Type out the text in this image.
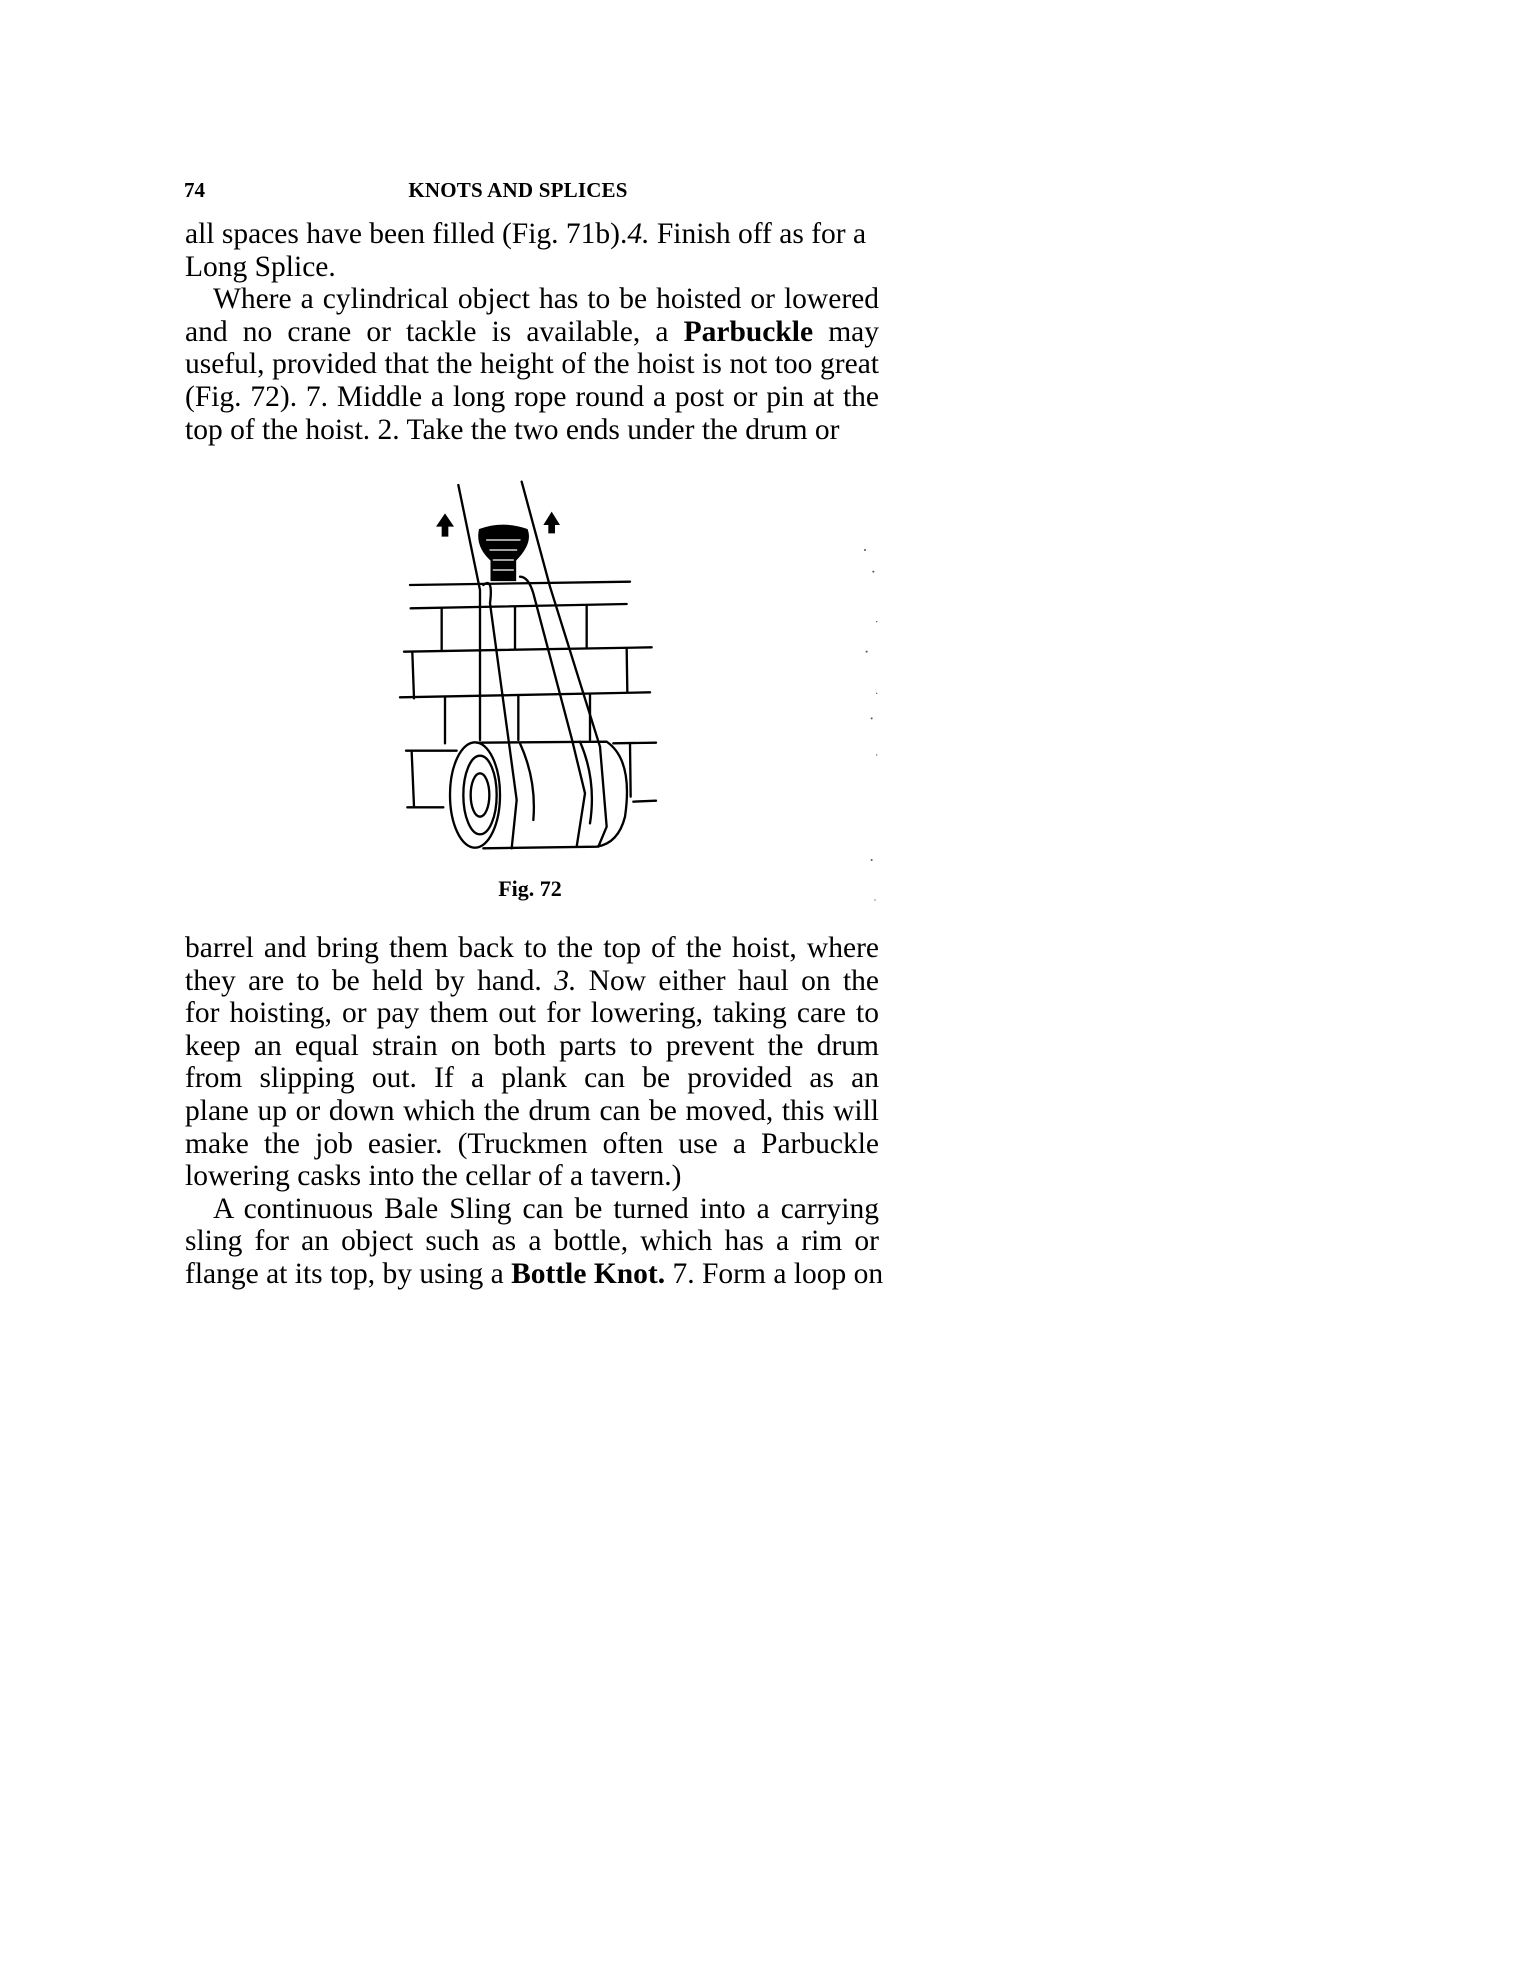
74	KNOTS AND SPLICES
all spaces have been filled (Fig. 71b).4. Finish off as for a
Long Splice.
Where a cylindrical object has to be hoisted or lowered
and no crane or tackle is available, a Parbuckle may
useful, provided that the height of the hoist is not too great
(Fig. 72). 7. Middle a long rope round a post or pin at the
top of the hoist. 2. Take the two ends under the drum or
Fig. 72
barrel and bring them back to the top of the hoist, where
they are to be held by hand. 3. Now either haul on the
for hoisting, or pay them out for lowering, taking care to
keep an equal strain on both parts to prevent the drum
from slipping out. If a plank can be provided as an
plane up or down which the drum can be moved, this will
make the job easier. (Truckmen often use a Parbuckle
lowering casks into the cellar of a tavern.)
A continuous Bale Sling can be turned into a carrying
sling for an object such as a bottle, which has a rim or
flange at its top, by using a Bottle Knot. 7. Form a loop on
